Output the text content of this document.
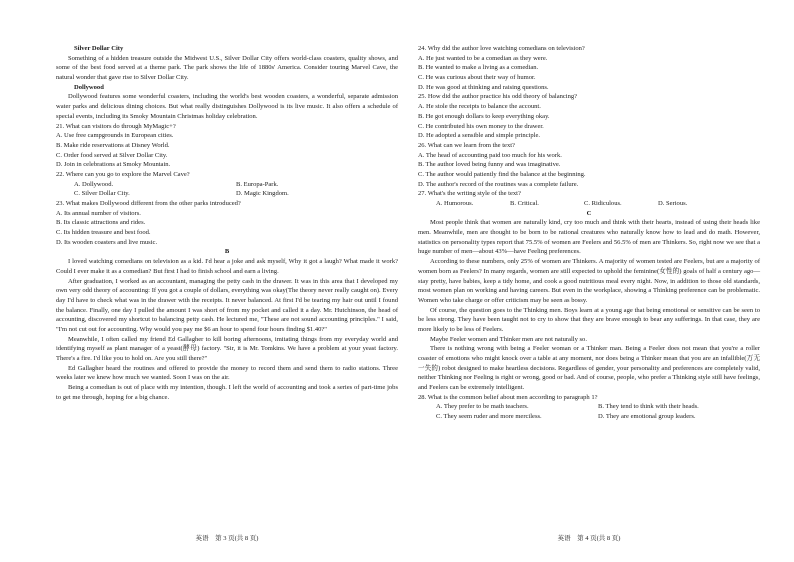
Silver Dollar City

Something of a hidden treasure outside the Midwest U.S., Silver Dollar City offers world-class coasters, quality shows, and some of the best food served at a theme park. The park shows the life of 1880s' America. Consider touring Marvel Cave, the natural wonder that gave rise to Silver Dollar City.

Dollywood

Dollywood features some wonderful coasters, including the world's best wooden coasters, a wonderful, separate admission water parks and delicious dining choices. But what really distinguishes Dollywood is its live music. It also offers a schedule of special events, including its Smoky Mountain Christmas holiday celebration.

21. What can visitors do through MyMagic+?

A. Use free campgrounds in European cities.

B. Make ride reservations at Disney World.

C. Order food served at Silver Dollar City.

D. Join in celebrations at Smoky Mountain.

22. Where can you go to explore the Marvel Cave?

A. Dollywood.	B. Europa-Park.
C. Silver Dollar City.	D. Magic Kingdom.

23. What makes Dollywood different from the other parks introduced?

A. Its annual number of visitors.

B. Its classic attractions and rides.

C. Its hidden treasure and best food.

D. Its wooden coasters and live music.

B

I loved watching comedians on television as a kid. I'd hear a joke and ask myself, Why it got a laugh? What made it work? Could I ever make it as a comedian? But first I had to finish school and earn a living.

After graduation, I worked as an accountant, managing the petty cash in the drawer. It was in this area that I developed my own very odd theory of accounting: If you got a couple of dollars, everything was okay(The theory never really caught on). Every day I'd have to check what was in the drawer with the receipts. It never balanced. At first I'd be tearing my hair out until I found the balance. Finally, one day I pulled the amount I was short of from my pocket and called it a day. Mr. Hutchinson, the head of accounting, discovered my shortcut to balancing petty cash. He lectured me, "These are not sound accounting principles." I said, "I'm not cut out for accounting. Why would you pay me $6 an hour to spend four hours finding $1.40?"

Meanwhile, I often called my friend Ed Gallagher to kill boring afternoons, imitating things from my everyday world and identifying myself as plant manager of a yeast(酵母) factory. "Sir, it is Mr. Tomkins. We have a problem at your yeast factory. There's a fire. I'd like you to hold on. Are you still there?"

Ed Gallagher heard the routines and offered to provide the money to record them and send them to radio stations. Three weeks later we knew how much we wanted. Soon I was on the air.

Being a comedian is out of place with my intention, though. I left the world of accounting and took a series of part-time jobs to get me through, hoping for a big chance.

24. Why did the author love watching comedians on television?

A. He just wanted to be a comedian as they were.

B. He wanted to make a living as a comedian.

C. He was curious about their way of humor.

D. He was good at thinking and raising questions.

25. How did the author practice his odd theory of balancing?

A. He stole the receipts to balance the account.

B. He got enough dollars to keep everything okay.

C. He contributed his own money to the drawer.

D. He adopted a sensible and simple principle.

26. What can we learn from the text?

A. The head of accounting paid too much for his work.

B. The author loved being funny and was imaginative.

C. The author would patiently find the balance at the beginning.

D. The author's record of the routines was a complete failure.

27. What's the writing style of the text?

A. Humorous.	B. Critical.	C. Ridiculous.	D. Serious.

C

Most people think that women are naturally kind, cry too much and think with their hearts, instead of using their heads like men. Meanwhile, men are thought to be born to be rational creatures who naturally know how to lead and do math. However, statistics on personality types report that 75.5% of women are Feelers and 56.5% of men are Thinkers. So, right now we see that a huge number of men—about 43%—have Feeling preferences.

According to these numbers, only 25% of women are Thinkers. A majority of women tested are Feelers, but are a majority of women born as Feelers? In many regards, women are still expected to uphold the feminine(女性的) goals of half a century ago—stay pretty, have babies, keep a tidy home, and cook a good nutritious meal every night. Now, in addition to those old standards, most women plan on working and having careers. But even in the workplace, showing a Thinking preference can be problematic. Women who take charge or offer criticism may be seen as bossy.

Of course, the question goes to the Thinking men. Boys learn at a young age that being emotional or sensitive can be seen to be less strong. They have been taught not to cry to show that they are brave enough to bear any sufferings. In that case, they are more likely to be less of Feelers.

Maybe Feeler women and Thinker men are not naturally so.

There is nothing wrong with being a Feeler woman or a Thinker man. Being a Feeler does not mean that you're a roller coaster of emotions who might knock over a table at any moment, nor does being a Thinker mean that you are an infallible(万无一失的) robot designed to make heartless decisions. Regardless of gender, your personality and preferences are completely valid, neither Thinking nor Feeling is right or wrong, good or bad. And of course, people, who prefer a Thinking style still have feelings, and Feelers can be extremely intelligent.

28. What is the common belief about men according to paragraph 1?

A. They prefer to be math teachers.	B. They tend to think with their heads.
C. They seem ruder and more merciless.	D. They are emotional group leaders.
英语　第 3 页(共 8 页)	英语　第 4 页(共 8 页)
